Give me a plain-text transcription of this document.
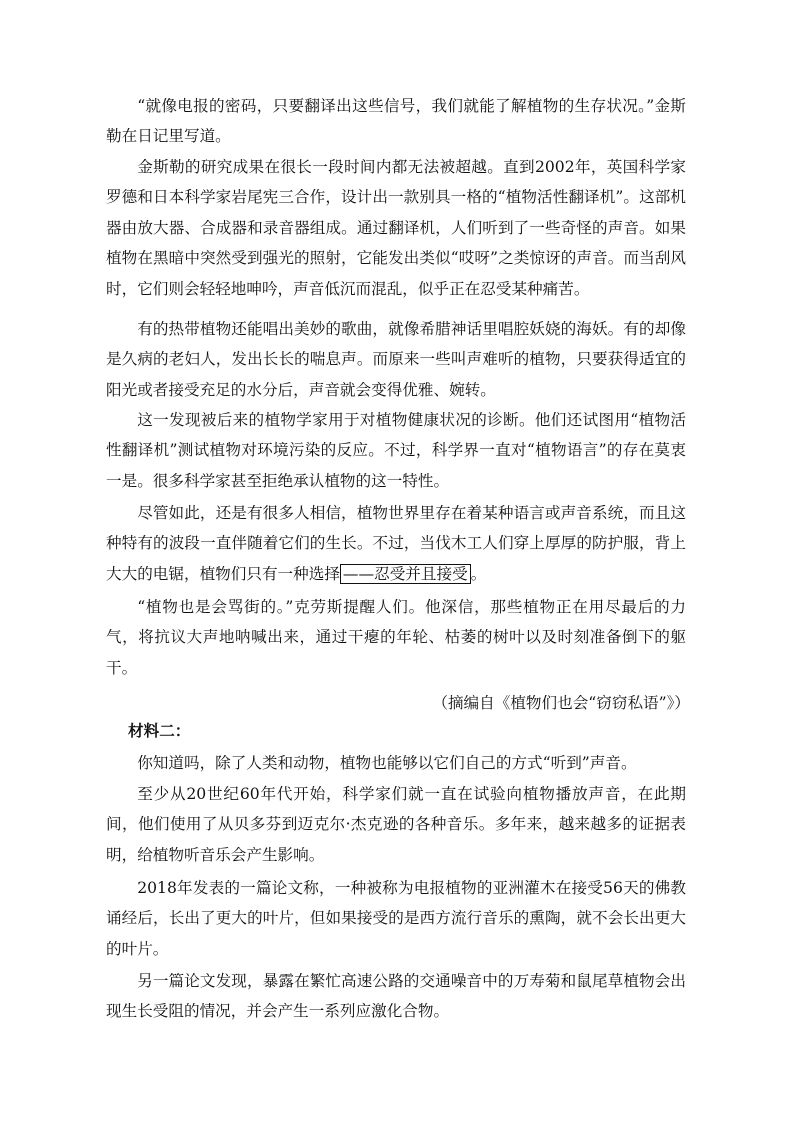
“就像电报的密码，只要翻译出这些信号，我们就能了解植物的生存状况。”金斯勒在日记里写道。

金斯勒的研究成果在很长一段时间内都无法被超越。直到2002年，英国科学家罗德和日本科学家岩尾宪三合作，设计出一款别具一格的“植物活性翻译机”。这部机器由放大器、合成器和录音器组成。通过翻译机，人们听到了一些奇怪的声音。如果植物在黑暗中突然受到强光的照射，它能发出类似“哎呀”之类惊讶的声音。而当刮风时，它们则会轻轻地呻吟，声音低沉而混乱，似乎正在忍受某种痛苦。

有的热带植物还能唱出美妙的歌曲，就像希腊神话里唱腔妖娆的海妖。有的却像是久病的老妇人，发出长长的喘息声。而原来一些叫声难听的植物，只要获得适宜的阳光或者接受充足的水分后，声音就会变得优雅、婉转。

这一发现被后来的植物学家用于对植物健康状况的诊断。他们还试图用“植物活性翻译机”测试植物对环境污染的反应。不过，科学界一直对“植物语言”的存在莫衷一是。很多科学家甚至拒绝承认植物的这一特性。

尽管如此，还是有很多人相信，植物世界里存在着某种语言或声音系统，而且这种特有的波段一直伴随着它们的生长。不过，当伐木工人们穿上厚厚的防护服，背上大大的电锯，植物们只有一种选择 ——忍受并且接受 。

“植物也是会骂街的。”克劳斯提醒人们。他深信，那些植物正在用尽最后的力气，将抗议大声地呐喊出来，通过干瘪的年轮、枯萎的树叶以及时刻准备倒下的躯干。

（摘编自《植物们也会“窃窃私语”》）
材料二：

你知道吗，除了人类和动物，植物也能够以它们自己的方式“听到”声音。

至少从20世纪60年代开始，科学家们就一直在试验向植物播放声音，在此期间，他们使用了从贝多芬到迈克尔·杰克逊的各种音乐。多年来，越来越多的证据表明，给植物听音乐会产生影响。

2018年发表的一篇论文称，一种被称为电报植物的亚洲灌木在接受56天的佛教诵经后，长出了更大的叶片，但如果接受的是西方流行音乐的熏陶，就不会长出更大的叶片。

另一篇论文发现，暴露在繁忙高速公路的交通噪音中的万寿菊和鼠尾草植物会出现生长受阻的情况，并会产生一系列应激化合物。
